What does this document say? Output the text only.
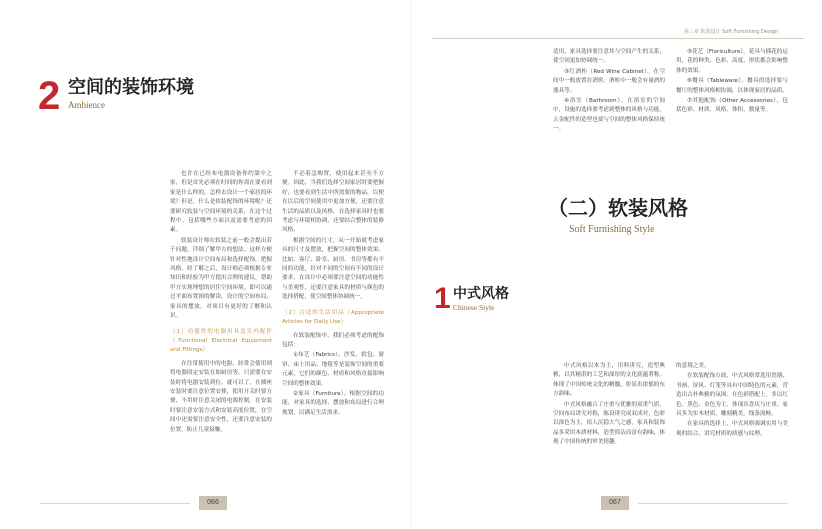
2 空间的装饰环境
Ambience

也许在已经布电器设备你约第中之家，但是首先必须在时间的你需在要看到家是什么样的，怎样去设计一个家居的环境？但是，什么是软装配饰的环境呢？还要研究软装与空间环境的关系，在这个过程中，包括哪些方面以及需要考虑的因素。

软装设计师在软装之前一般会提出若干问题，详细了解甲方的想法。这样方便针对性地设计空间布局和选择配饰，把握风格。经了解之后，设计师必须根据专业知识和经验为甲方提出合理的建议，帮助甲方实现理想的居住空间环境。即可以通过平面布置图的解读，设计的空间布局、家具的摆放，对项目有更好的了解和认识。

（1）功能性的电器用具及室内配件（Functional Electrical Equipment and Fittings）

在往常使用中的电器，经常会使用到将电器固定安装在如厨房等，只需要在安装时将电器安装到位，就可以了。在插座安装时要注意位置安排，使用开关时要方便，不用时注意关闭的电源控制。在安装时要注意安装方式和安装高度位置，在空间中还需要注意安全性，还要注意安装的位置，防止儿童接触。

不必着急购置，使用起来甚至不方便。因此，当我们选择空间家居时要把握好，也要看到生活中所需要的物品，以便在以后的空间使用中更加方便，还要注意生活的品质以及风格。在选择家具时也要考虑与环境相协调，还要结合整体的装修风格。

根据空间的尺寸，从一开始就考虑家具的尺寸及摆放，把握空间的整体效果。比如，客厅、卧室、厨房、书房等都有不同的功能，针对不同的空间有不同的设计要求，在设计中必须要注意空间的功能性与美观性，还要注意家具的材质与颜色的选择搭配，使空间整体协调统一。

（2）合适的生活用品（Appropriate Articles for Daily Use）

在软装配饰中，我们必须考虑的配饰包括：

①布艺（Fabrics）。沙发、软包、窗帘、床上用品、地毯等是装饰空间的重要元素，它们的颜色、材质和风格直接影响空间的整体效果。

②家具（Furniture）。根据空间的功能，对家具的选择、摆放和布局进行合理规划，以满足生活需求。

066
第三章 软装设计 Soft Furnishing Design

适用，家具选择要注意其与空间产生的关系，使空间更加协调统一。

③红酒柜（Red Wine Cabinet）。在空间中一般放置在酒窖，酒柜中一般会有量酒的器具等。

④浴室（Bathroom）。在浴室的空间中，设施的选择要考虑到整体的风格与功能，五金配件的造型也要与空间的整体风格保持统一。

⑤花艺（Floriculture）。花具与插花的运用，花的种类、色彩、高度、形状都会影响整体的效果。

⑥餐具（Tableware）。餐具的选择要与餐厅的整体风格相协调，以体现家居的品质。

⑦其他配饰（Other Accessories）。包括色彩、材质、风格、体积、数量等。

（二）软装风格
Soft Furnishing Style
1 中式风格
Chinese Style

中式风格以木为主，用料讲究，造型典雅，以其精湛的工艺和深厚的文化底蕴著称，体现了中国传统文化的精髓，彰显出浓郁的东方韵味。

中式风格融合了庄重与优雅的双重气质，空间布局讲究对称，陈设讲究成双成对，色彩以深色为主，给人沉稳大气之感，家具和装饰品多采用木质材料，造型简洁而富有韵味，体现了中国传统的审美情趣。

的意境之美。

在软装配饰方面，中式风格常选用瓷器、书画、屏风、灯笼等具有中国特色的元素，营造出古朴典雅的氛围。在色彩搭配上，多以红色、黑色、金色为主，体现出喜庆与庄重。家具多为实木材质，雕刻精美，线条流畅。

在家具的选择上，中式风格强调实用与美观的结合，讲究材质的质感与纹理。

067
